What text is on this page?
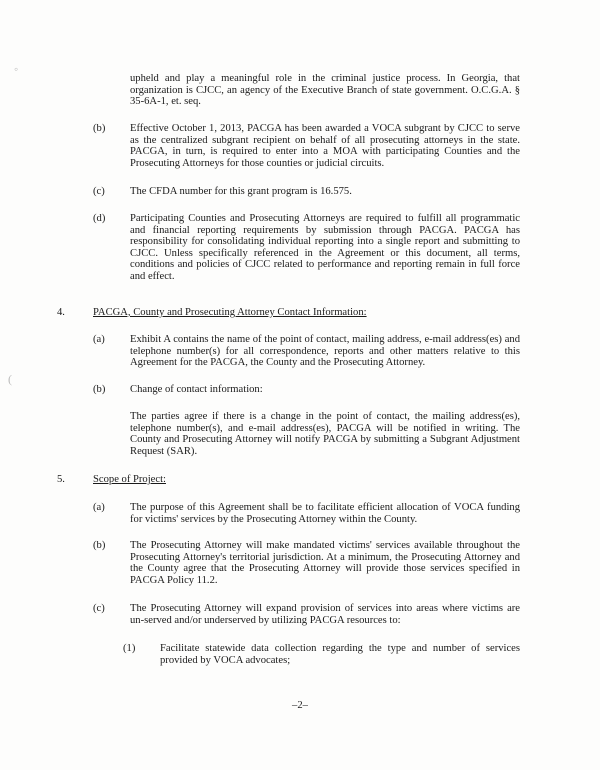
◦
(

upheld and play a meaningful role in the criminal justice process. In Georgia, that organization is CJCC, an agency of the Executive Branch of state government. O.C.G.A. § 35-6A-1, et. seq.

(b) Effective October 1, 2013, PACGA has been awarded a VOCA subgrant by CJCC to serve as the centralized subgrant recipient on behalf of all prosecuting attorneys in the state. PACGA, in turn, is required to enter into a MOA with participating Counties and the Prosecuting Attorneys for those counties or judicial circuits.

(c) The CFDA number for this grant program is 16.575.

(d) Participating Counties and Prosecuting Attorneys are required to fulfill all programmatic and financial reporting requirements by submission through PACGA. PACGA has responsibility for consolidating individual reporting into a single report and submitting to CJCC. Unless specifically referenced in the Agreement or this document, all terms, conditions and policies of CJCC related to performance and reporting remain in full force and effect.

4.	PACGA, County and Prosecuting Attorney Contact Information:
(a) Exhibit A contains the name of the point of contact, mailing address, e-mail address(es) and telephone number(s) for all correspondence, reports and other matters relative to this Agreement for the PACGA, the County and the Prosecuting Attorney.

(b) Change of contact information:

The parties agree if there is a change in the point of contact, the mailing address(es), telephone number(s), and e-mail address(es), PACGA will be notified in writing. The County and Prosecuting Attorney will notify PACGA by submitting a Subgrant Adjustment Request (SAR).

5.	Scope of Project:
(a) The purpose of this Agreement shall be to facilitate efficient allocation of VOCA funding for victims' services by the Prosecuting Attorney within the County.

(b) The Prosecuting Attorney will make mandated victims' services available throughout the Prosecuting Attorney's territorial jurisdiction. At a minimum, the Prosecuting Attorney and the County agree that the Prosecuting Attorney will provide those services specified in PACGA Policy 11.2.

(c) The Prosecuting Attorney will expand provision of services into areas where victims are un-served and/or underserved by utilizing PACGA resources to:

(1) Facilitate statewide data collection regarding the type and number of services provided by VOCA advocates;

–2–
